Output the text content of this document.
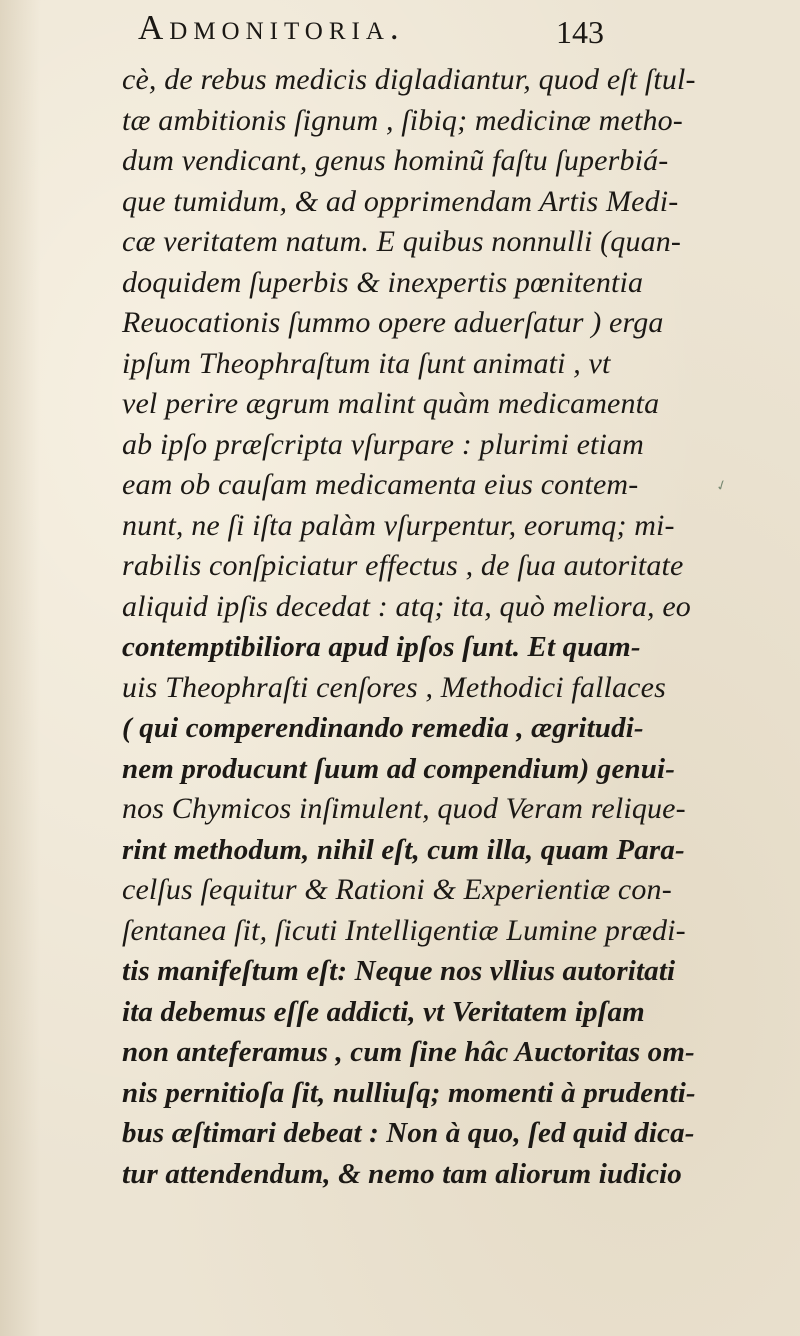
Admonitoria.	143
cè, de rebus medicis digladiantur, quod eſt ſtul-
tæ ambitionis ſignum , ſibiq; medicinæ metho-
dum vendicant, genus hominũ faſtu ſuperbiá-
que tumidum, & ad opprimendam Artis Medi-
cæ veritatem natum. E quibus nonnulli (quan-
doquidem ſuperbis & inexpertis pœnitentia
Reuocationis ſummo opere aduerſatur ) erga
ipſum Theophraſtum ita ſunt animati , vt
vel perire ægrum malint quàm medicamenta
ab ipſo præſcripta vſurpare : plurimi etiam
eam ob cauſam medicamenta eius contem-
nunt, ne ſi iſta palàm vſurpentur, eorumq; mi-
rabilis conſpiciatur effectus , de ſua autoritate
aliquid ipſis decedat : atq; ita, quò meliora, eo
contemptibiliora apud ipſos ſunt. Et quam-
uis Theophraſti cenſores , Methodici fallaces
( qui comperendinando remedia , ægritudi-
nem producunt ſuum ad compendium) genui-
nos Chymicos inſimulent, quod Veram relique-
rint methodum, nihil eſt, cum illa, quam Para-
celſus ſequitur & Rationi & Experientiæ con-
ſentanea ſit, ſicuti Intelligentiæ Lumine prædi-
tis manifeſtum eſt: Neque nos vllius autoritati
ita debemus eſſe addicti, vt Veritatem ipſam
non anteferamus , cum ſine hâc Auctoritas om-
nis pernitioſa ſit, nulliuſq; momenti à prudenti-
bus æſtimari debeat : Non à quo, ſed quid dica-
tur attendendum, & nemo tam aliorum iudicio
✓
